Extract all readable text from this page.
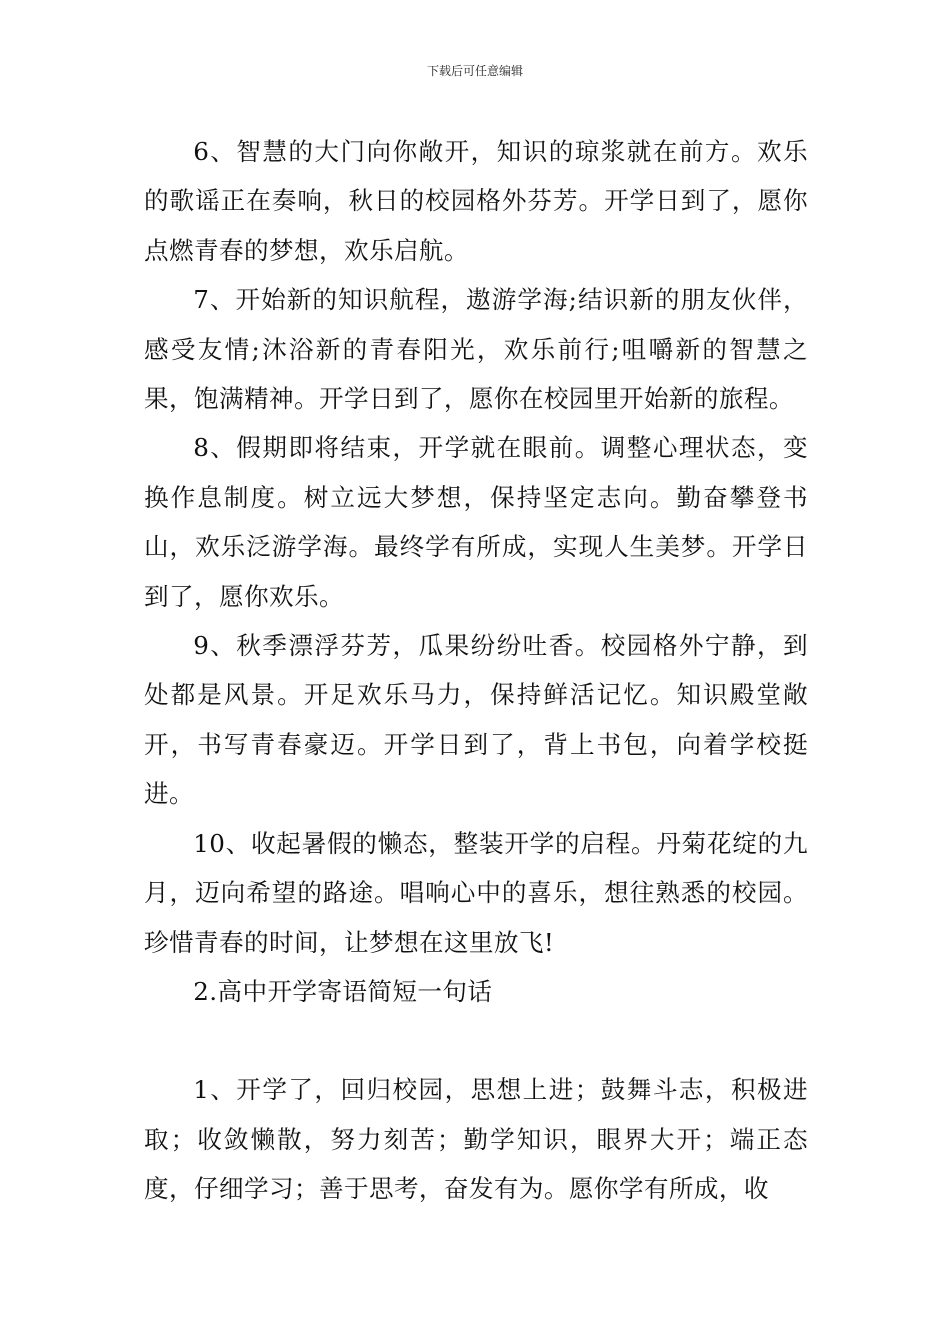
下载后可任意编辑

6、智慧的大门向你敞开，知识的琼浆就在前方。欢乐的歌谣正在奏响，秋日的校园格外芬芳。开学日到了，愿你点燃青春的梦想，欢乐启航。

7、开始新的知识航程，遨游学海;结识新的朋友伙伴，感受友情;沐浴新的青春阳光，欢乐前行;咀嚼新的智慧之果，饱满精神。开学日到了，愿你在校园里开始新的旅程。

8、假期即将结束，开学就在眼前。调整心理状态，变换作息制度。树立远大梦想，保持坚定志向。勤奋攀登书山，欢乐泛游学海。最终学有所成，实现人生美梦。开学日到了，愿你欢乐。

9、秋季漂浮芬芳，瓜果纷纷吐香。校园格外宁静，到处都是风景。开足欢乐马力，保持鲜活记忆。知识殿堂敞开，书写青春豪迈。开学日到了，背上书包，向着学校挺进。

10、收起暑假的懒态，整装开学的启程。丹菊花绽的九月，迈向希望的路途。唱响心中的喜乐，想往熟悉的校园。珍惜青春的时间，让梦想在这里放飞!

2.高中开学寄语简短一句话

1、开学了，回归校园，思想上进；鼓舞斗志，积极进取；收敛懒散，努力刻苦；勤学知识，眼界大开；端正态度，仔细学习；善于思考，奋发有为。愿你学有所成，收
